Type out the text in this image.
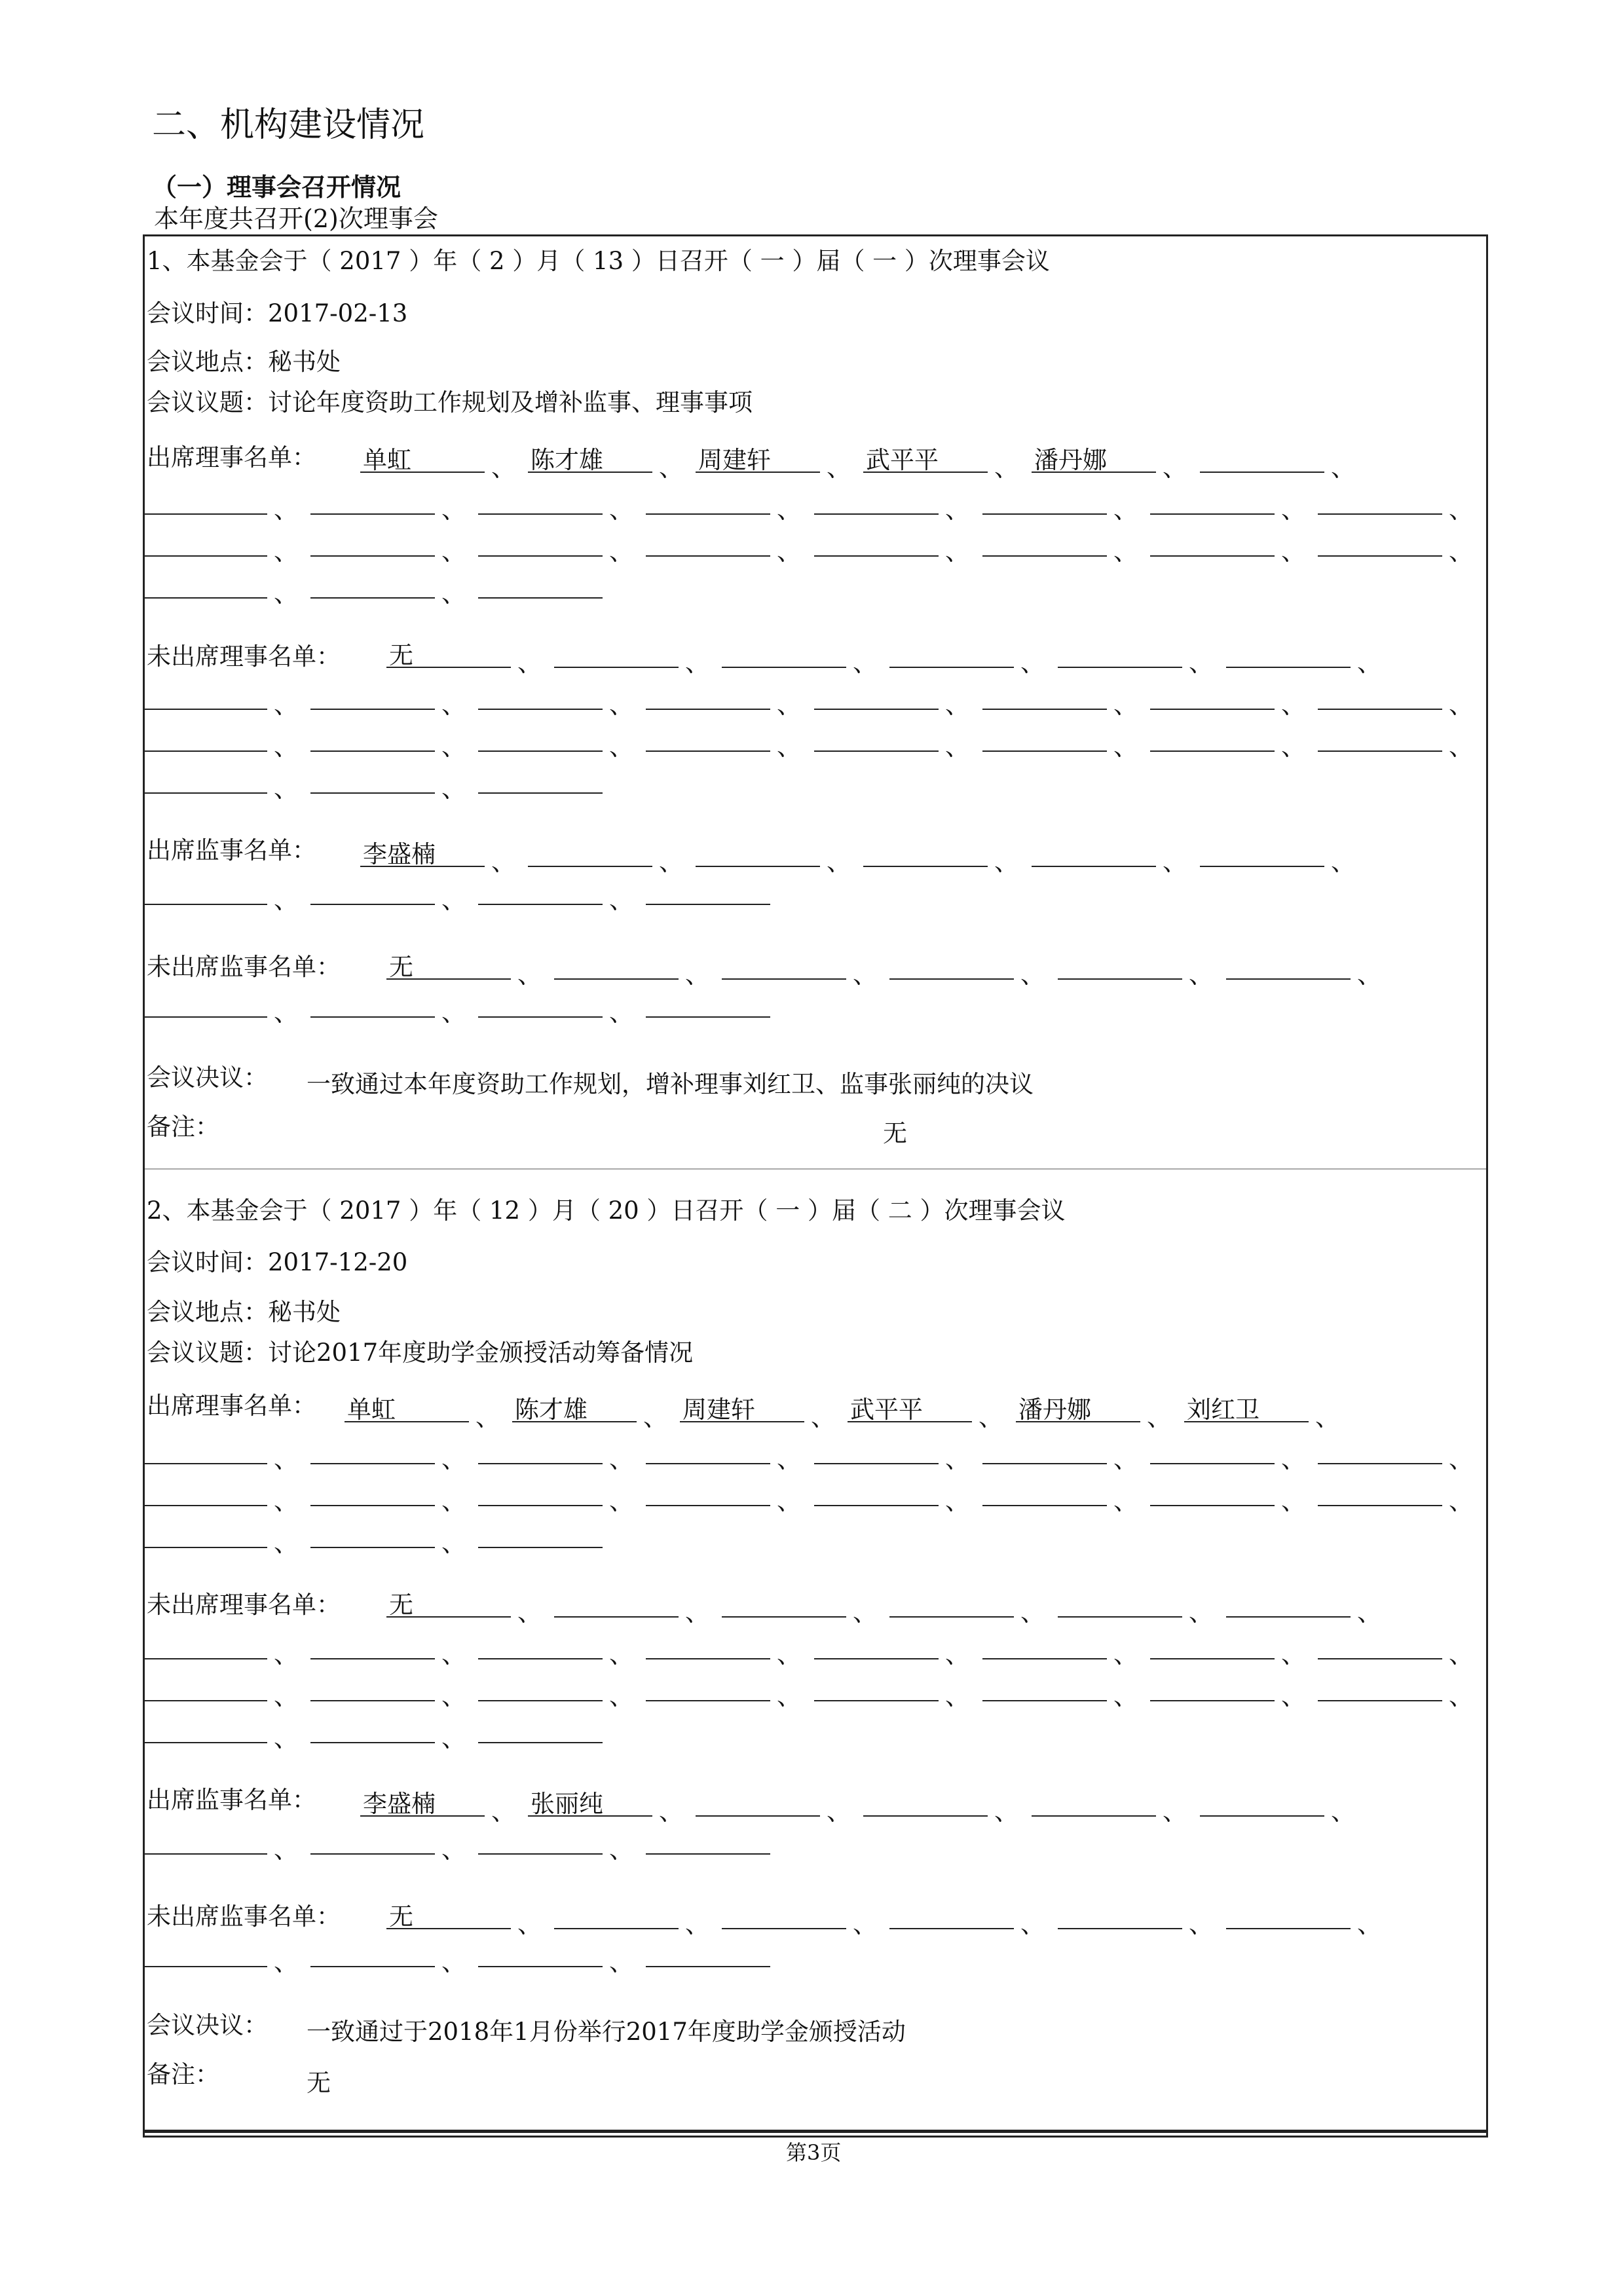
二、机构建设情况
（一）理事会召开情况
本年度共召开(2)次理事会
1、本基金会于（ 2017 ）年（ 2 ）月（ 13 ）日召开（ 一 ）届（ 一 ）次理事会议
会议时间：2017-02-13
会议地点：秘书处
会议议题：讨论年度资助工作规划及增补监事、理事事项
出席理事名单： 单虹	、 陈才雄 、 周建轩 、 武平平 、 潘丹娜 、	、
、	、	、	、	、	、	、	、
、	、	、	、	、	、	、	、
、	、
未出席理事名单： 无	、	、	、	、	、	、
、	、	、	、	、	、	、	、
、	、	、	、	、	、	、	、
、	、
出席监事名单： 李盛楠 、	、	、	、	、	、
、	、	、
未出席监事名单： 无	、	、	、	、	、	、
、	、	、
会议决议： 一致通过本年度资助工作规划，增补理事刘红卫、监事张丽纯的决议
备注：	无
2、本基金会于（ 2017 ）年（ 12 ）月（ 20 ）日召开（ 一 ）届（ 二 ）次理事会议
会议时间：2017-12-20
会议地点：秘书处
会议议题：讨论2017年度助学金颁授活动筹备情况
出席理事名单： 单虹	、 陈才雄 、 周建轩 、 武平平 、 潘丹娜 、 刘红卫 、
、	、	、	、	、	、	、	、
、	、	、	、	、	、	、	、
、	、
未出席理事名单： 无	、	、	、	、	、	、
、	、	、	、	、	、	、	、
、	、	、	、	、	、	、	、
、	、
出席监事名单： 李盛楠 、 张丽纯 、	、	、	、	、
、	、	、
未出席监事名单： 无	、	、	、	、	、	、
、	、	、
会议决议： 一致通过于2018年1月份举行2017年度助学金颁授活动
备注：	无
第3页
